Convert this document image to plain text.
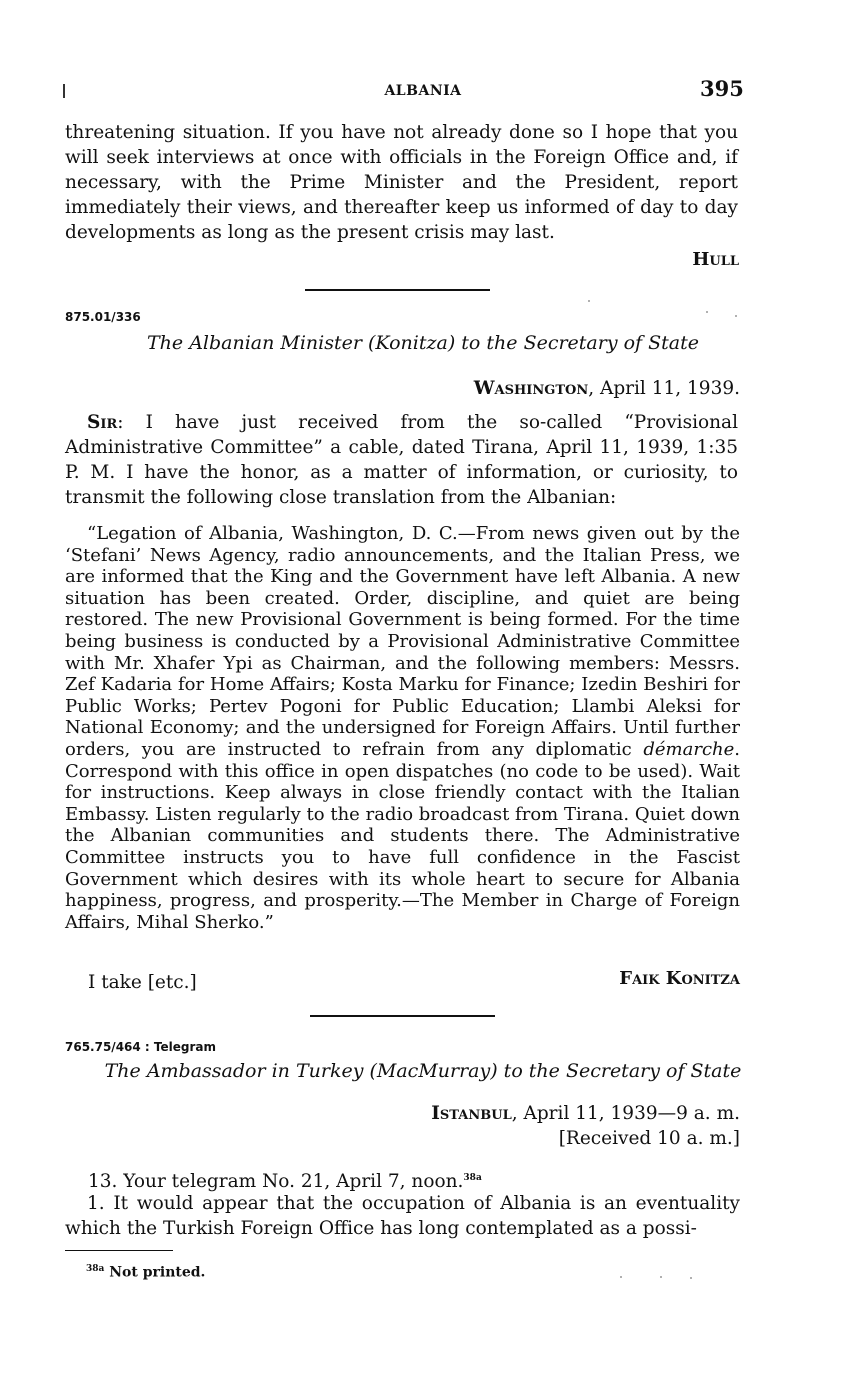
ALBANIA	395

threatening situation. If you have not already done so I hope that you will seek interviews at once with officials in the Foreign Office and, if necessary, with the Prime Minister and the President, report immediately their views, and thereafter keep us informed of day to day developments as long as the present crisis may last.

Hull
875.01/336
The Albanian Minister (Konitza) to the Secretary of State
Washington, April 11, 1939.

Sir: I have just received from the so-called “Provisional Administrative Committee” a cable, dated Tirana, April 11, 1939, 1:35 P. M. I have the honor, as a matter of information, or curiosity, to transmit the following close translation from the Albanian:

“Legation of Albania, Washington, D. C.—From news given out by the ‘Stefani’ News Agency, radio announcements, and the Italian Press, we are informed that the King and the Government have left Albania. A new situation has been created. Order, discipline, and quiet are being restored. The new Provisional Government is being formed. For the time being business is conducted by a Provisional Administrative Committee with Mr. Xhafer Ypi as Chairman, and the following members: Messrs. Zef Kadaria for Home Affairs; Kosta Marku for Finance; Izedin Beshiri for Public Works; Pertev Pogoni for Public Education; Llambi Aleksi for National Economy; and the undersigned for Foreign Affairs. Until further orders, you are instructed to refrain from any diplomatic démarche. Correspond with this office in open dispatches (no code to be used). Wait for instructions. Keep always in close friendly contact with the Italian Embassy. Listen regularly to the radio broadcast from Tirana. Quiet down the Albanian communities and students there. The Administrative Committee instructs you to have full confidence in the Fascist Government which desires with its whole heart to secure for Albania happiness, progress, and prosperity.—The Member in Charge of Foreign Affairs, Mihal Sherko.”

I take [etc.]	Faik Konitza
765.75/464 : Telegram
The Ambassador in Turkey (MacMurray) to the Secretary of State
Istanbul, April 11, 1939—9 a. m.
[Received 10 a. m.]
13. Your telegram No. 21, April 7, noon.$^{38a}$

1. It would appear that the occupation of Albania is an eventuality which the Turkish Foreign Office has long contemplated as a possi-

$^{38a}$ Not printed.
